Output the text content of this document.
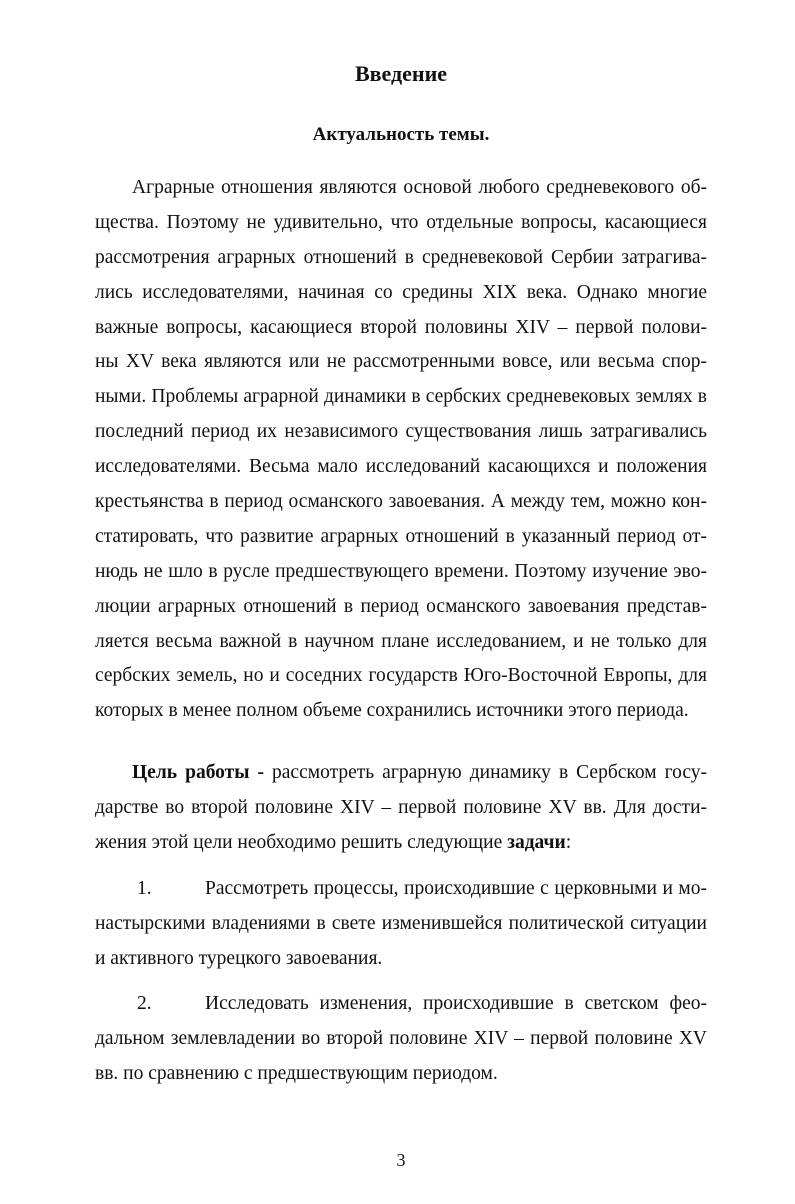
Введение
Актуальность темы.
Аграрные отношения являются основой любого средневекового об-
щества. Поэтому не удивительно, что отдельные вопросы, касающиеся
рассмотрения аграрных отношений в средневековой Сербии затрагива-
лись исследователями, начиная со средины XIX века. Однако многие
важные вопросы, касающиеся второй половины XIV – первой полови-
ны XV века являются или не рассмотренными вовсе, или весьма спор-
ными. Проблемы аграрной динамики в сербских средневековых землях в
последний период их независимого существования лишь затрагивались
исследователями. Весьма мало исследований касающихся и положения
крестьянства в период османского завоевания. А между тем, можно кон-
статировать, что развитие аграрных отношений в указанный период от-
нюдь не шло в русле предшествующего времени. Поэтому изучение эво-
люции аграрных отношений в период османского завоевания представ-
ляется весьма важной в научном плане исследованием, и не только для
сербских земель, но и соседних государств Юго-Восточной Европы, для
которых в менее полном объеме сохранились источники этого периода.
Цель работы - рассмотреть аграрную динамику в Сербском госу-
дарстве во второй половине XIV – первой половине XV вв. Для дости-
жения этой цели необходимо решить следующие задачи:
1.	Рассмотреть процессы, происходившие с церковными и мо-
настырскими владениями в свете изменившейся политической ситуации
и активного турецкого завоевания.
2.	Исследовать изменения, происходившие в светском фео-
дальном землевладении во второй половине XIV – первой половине XV
вв. по сравнению с предшествующим периодом.
3
